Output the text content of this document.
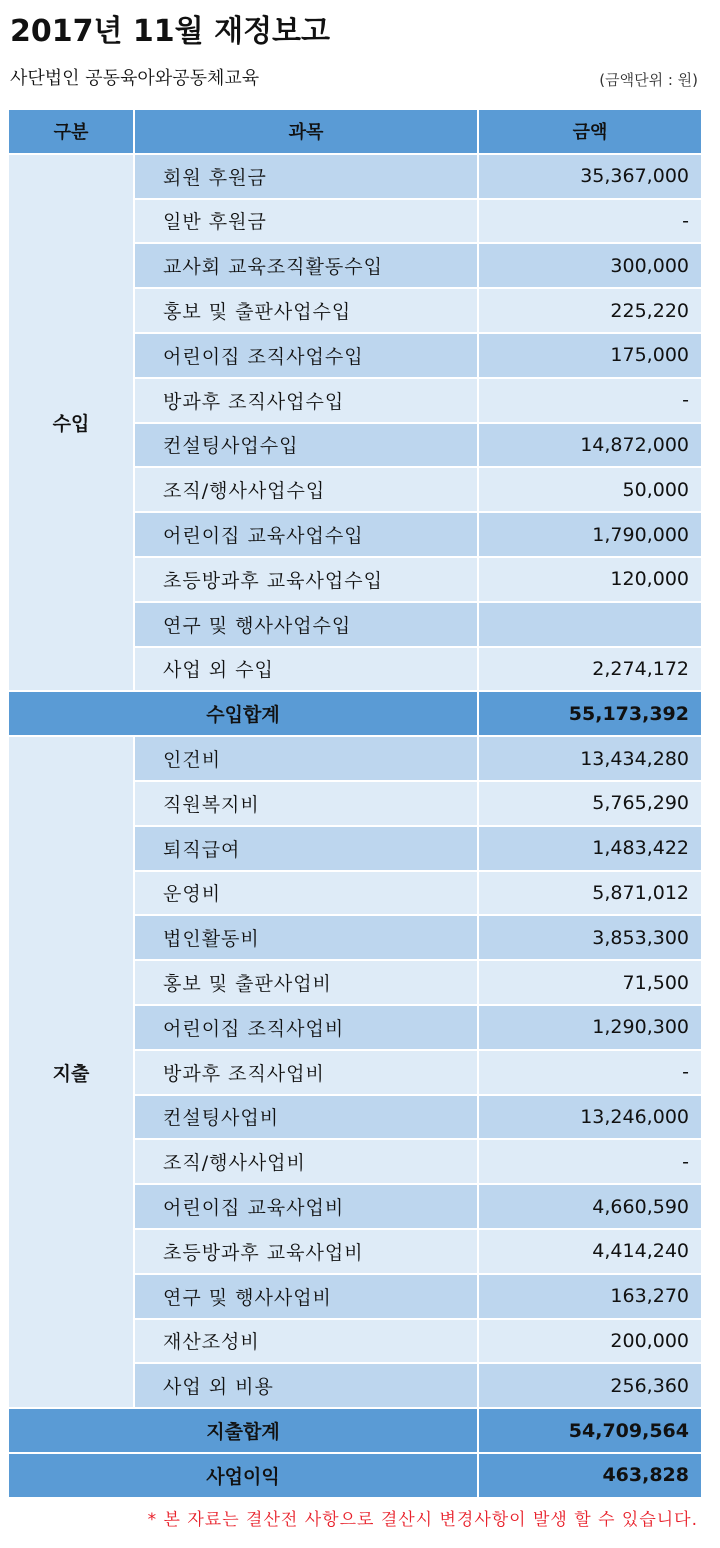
2017년 11월 재정보고
사단법인 공동육아와공동체교육	(금액단위 : 원)
구분	과목	금액
수입	회원 후원금	35,367,000
	일반 후원금	-
	교사회 교육조직활동수입	300,000
	홍보 및 출판사업수입	225,220
	어린이집 조직사업수입	175,000
	방과후 조직사업수입	-
	컨설팅사업수입	14,872,000
	조직/행사사업수입	50,000
	어린이집 교육사업수입	1,790,000
	초등방과후 교육사업수입	120,000
	연구 및 행사사업수입	
	사업 외 수입	2,274,172
수입합계		55,173,392
지출	인건비	13,434,280
	직원복지비	5,765,290
	퇴직급여	1,483,422
	운영비	5,871,012
	법인활동비	3,853,300
	홍보 및 출판사업비	71,500
	어린이집 조직사업비	1,290,300
	방과후 조직사업비	-
	컨설팅사업비	13,246,000
	조직/행사사업비	-
	어린이집 교육사업비	4,660,590
	초등방과후 교육사업비	4,414,240
	연구 및 행사사업비	163,270
	재산조성비	200,000
	사업 외 비용	256,360
지출합계		54,709,564
사업이익		463,828
* 본 자료는 결산전 사항으로 결산시 변경사항이 발생 할 수 있습니다.
